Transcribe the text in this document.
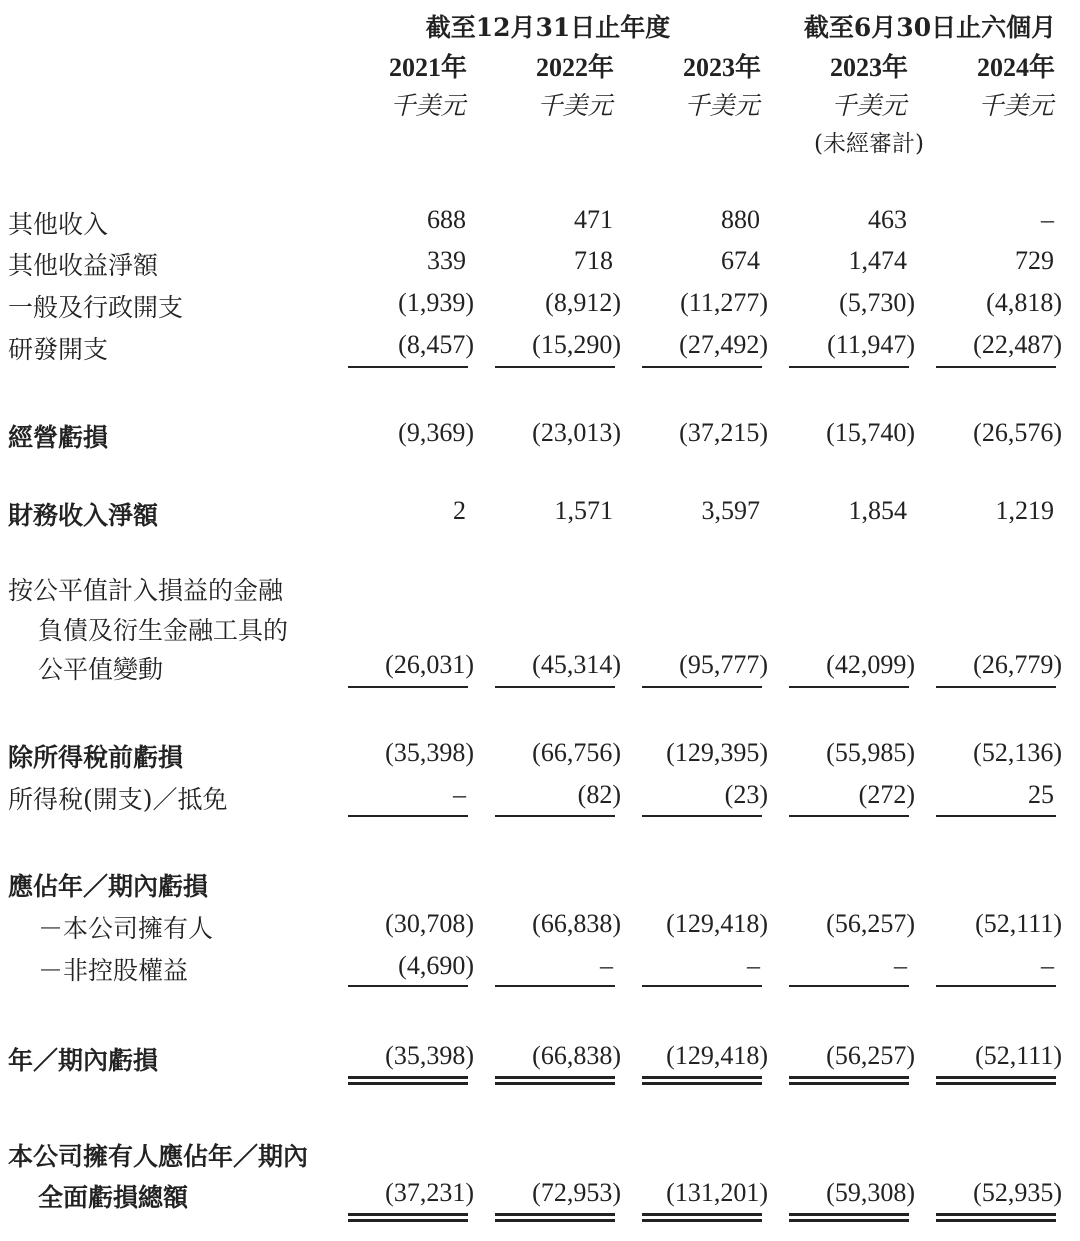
截至12月31日止年度	截至6月30日止六個月
2021年	2022年	2023年	2023年	2024年
千美元	千美元	千美元	千美元	千美元
(未經審計)
其他收入	688	471	880	463	–
其他收益淨額	339	718	674	1,474	729
一般及行政開支	(1,939)	(8,912)	(11,277)	(5,730)	(4,818)
研發開支	(8,457)	(15,290)	(27,492)	(11,947)	(22,487)
經營虧損	(9,369)	(23,013)	(37,215)	(15,740)	(26,576)
財務收入淨額	2	1,571	3,597	1,854	1,219
按公平值計入損益的金融
負債及衍生金融工具的
公平值變動	(26,031)	(45,314)	(95,777)	(42,099)	(26,779)
除所得稅前虧損	(35,398)	(66,756)	(129,395)	(55,985)	(52,136)
所得稅(開支)／抵免	–	(82)	(23)	(272)	25
應佔年／期內虧損
－本公司擁有人	(30,708)	(66,838)	(129,418)	(56,257)	(52,111)
－非控股權益	(4,690)	–	–	–	–
年／期內虧損	(35,398)	(66,838)	(129,418)	(56,257)	(52,111)
本公司擁有人應佔年／期內
全面虧損總額	(37,231)	(72,953)	(131,201)	(59,308)	(52,935)
